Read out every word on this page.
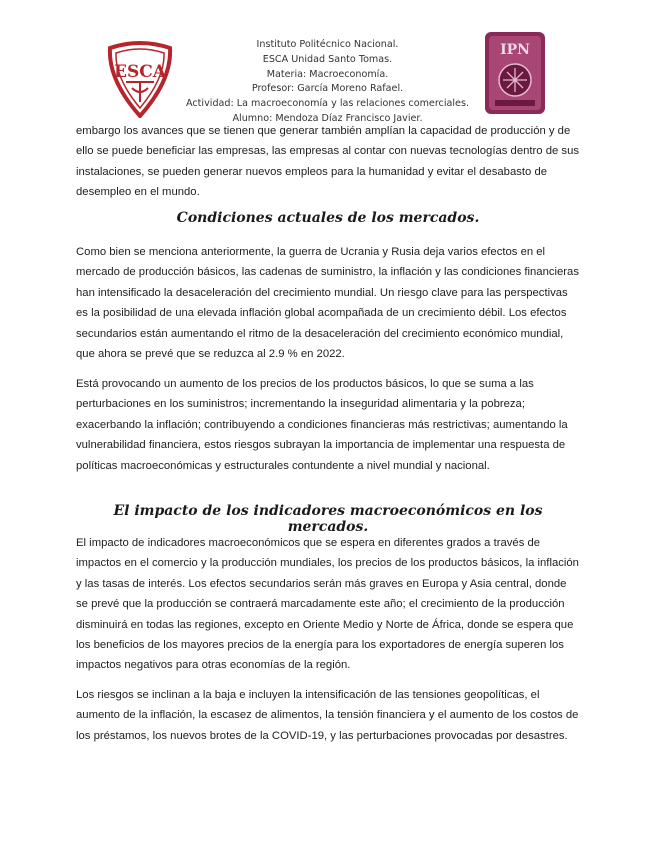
ESCA
Instituto Politécnico Nacional.
ESCA Unidad Santo Tomas.
Materia: Macroeconomía.
Profesor: García Moreno Rafael.
Actividad: La macroeconomía y las relaciones comerciales.
Alumno: Mendoza Díaz Francisco Javier.
IPN
embargo los avances que se tienen que generar también amplían la capacidad de producción y de ello se puede beneficiar las empresas, las empresas al contar con nuevas tecnologías dentro de sus instalaciones, se pueden generar nuevos empleos para la humanidad y evitar el desabasto de desempleo en el mundo.
Condiciones actuales de los mercados.
Como bien se menciona anteriormente, la guerra de Ucrania y Rusia deja varios efectos en el mercado de producción básicos, las cadenas de suministro, la inflación y las condiciones financieras han intensificado la desaceleración del crecimiento mundial. Un riesgo clave para las perspectivas es la posibilidad de una elevada inflación global acompañada de un crecimiento débil. Los efectos secundarios están aumentando el ritmo de la desaceleración del crecimiento económico mundial, que ahora se prevé que se reduzca al 2.9 % en 2022.
Está provocando un aumento de los precios de los productos básicos, lo que se suma a las perturbaciones en los suministros; incrementando la inseguridad alimentaria y la pobreza; exacerbando la inflación; contribuyendo a condiciones financieras más restrictivas; aumentando la vulnerabilidad financiera, estos riesgos subrayan la importancia de implementar una respuesta de políticas macroeconómicas y estructurales contundente a nivel mundial y nacional.
El impacto de los indicadores macroeconómicos en los mercados.
El impacto de indicadores macroeconómicos que se espera en diferentes grados a través de impactos en el comercio y la producción mundiales, los precios de los productos básicos, la inflación y las tasas de interés. Los efectos secundarios serán más graves en Europa y Asia central, donde se prevé que la producción se contraerá marcadamente este año; el crecimiento de la producción disminuirá en todas las regiones, excepto en Oriente Medio y Norte de África, donde se espera que los beneficios de los mayores precios de la energía para los exportadores de energía superen los impactos negativos para otras economías de la región.
Los riesgos se inclinan a la baja e incluyen la intensificación de las tensiones geopolíticas, el aumento de la inflación, la escasez de alimentos, la tensión financiera y el aumento de los costos de los préstamos, los nuevos brotes de la COVID-19, y las perturbaciones provocadas por desastres.
